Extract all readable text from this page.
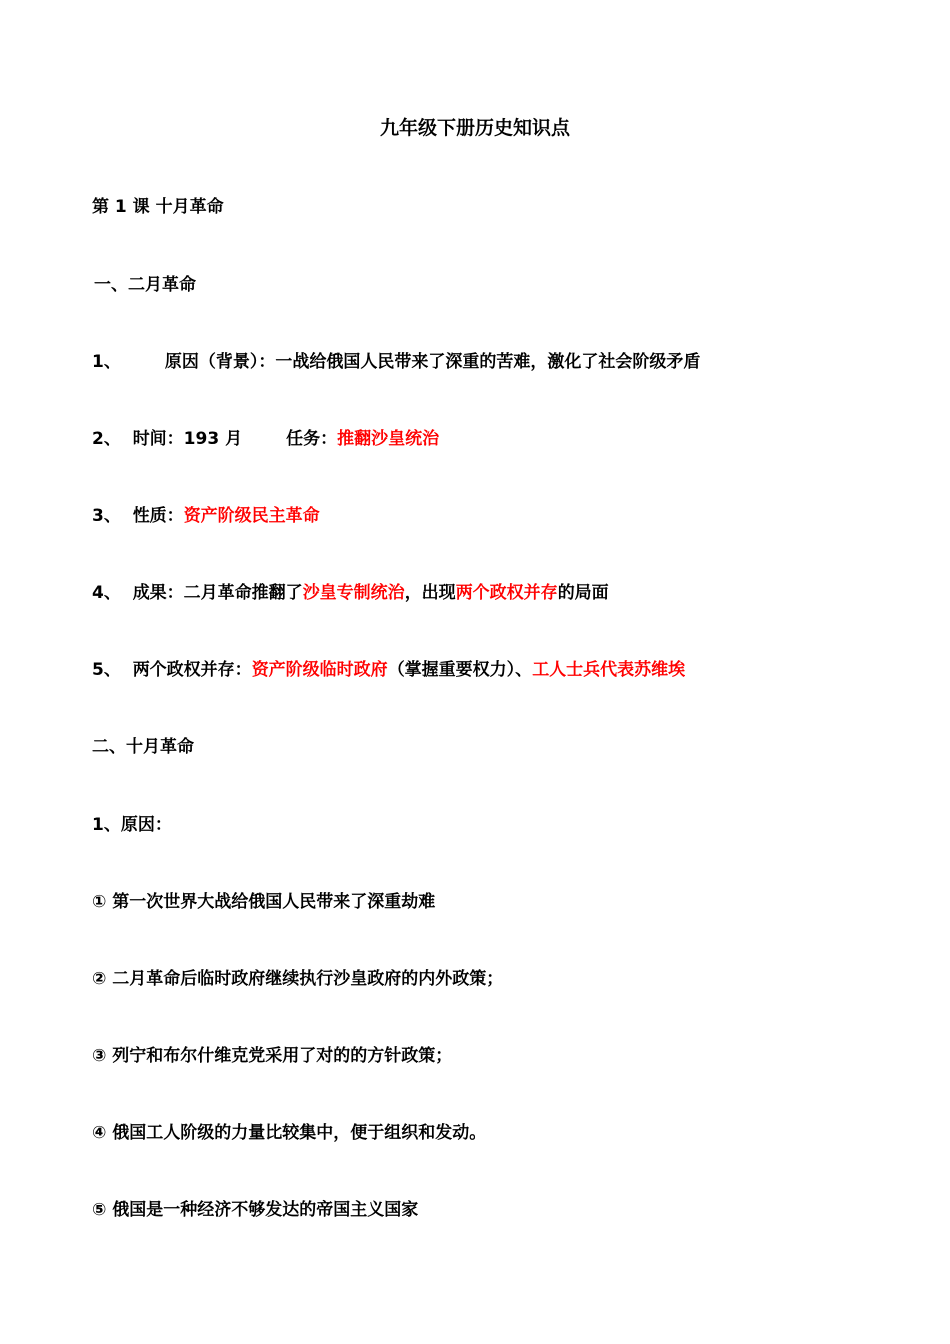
九年级下册历史知识点
第 1 课 十月革命
一、二月革命
1、	原因（背景）：一战给俄国人民带来了深重的苦难，激化了社会阶级矛盾
2、 时间：193 月	任务：推翻沙皇统治
3、 性质：资产阶级民主革命
4、 成果：二月革命推翻了沙皇专制统治，出现两个政权并存的局面
5、 两个政权并存：资产阶级临时政府（掌握重要权力）、工人士兵代表苏维埃
二、十月革命
1、原因：
① 第一次世界大战给俄国人民带来了深重劫难
② 二月革命后临时政府继续执行沙皇政府的内外政策；
③ 列宁和布尔什维克党采用了对的的方针政策；
④ 俄国工人阶级的力量比较集中，便于组织和发动。
⑤ 俄国是一种经济不够发达的帝国主义国家
